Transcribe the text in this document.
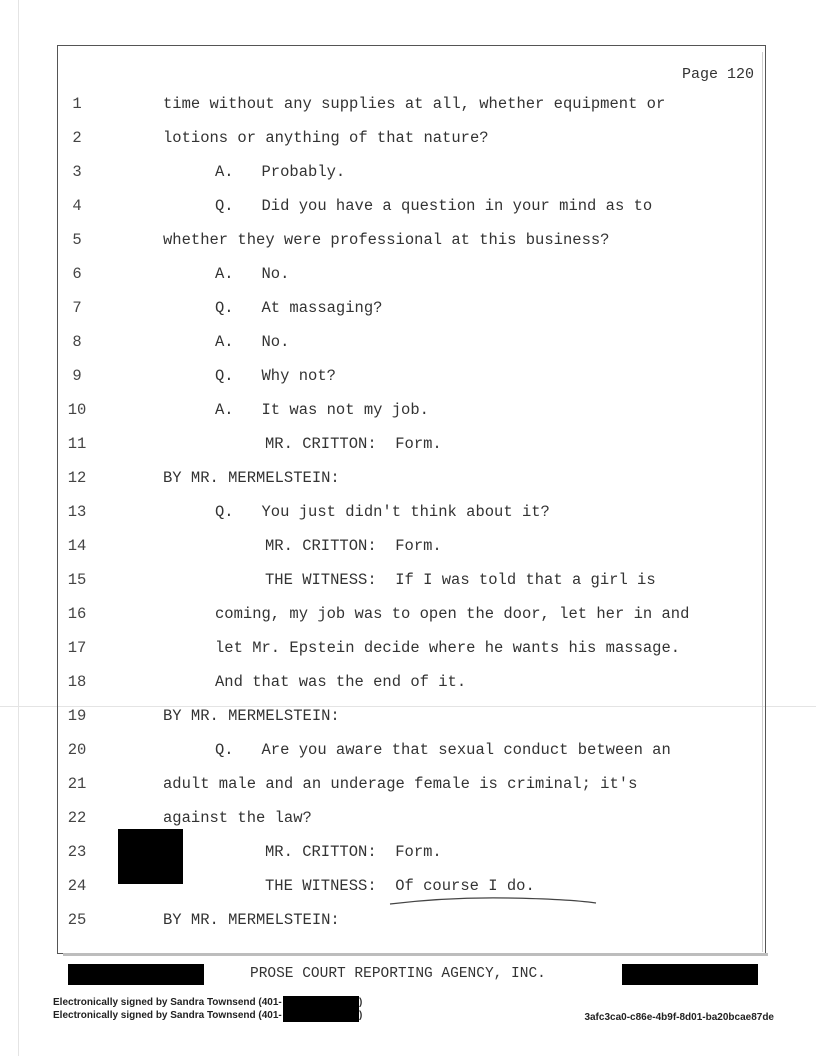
Page 120
1	time without any supplies at all, whether equipment or
2	lotions or anything of that nature?
3	A.   Probably.
4	Q.   Did you have a question in your mind as to
5	whether they were professional at this business?
6	A.   No.
7	Q.   At massaging?
8	A.   No.
9	Q.   Why not?
10	A.   It was not my job.
11	MR. CRITTON:  Form.
12	BY MR. MERMELSTEIN:
13	Q.   You just didn't think about it?
14	MR. CRITTON:  Form.
15	THE WITNESS:  If I was told that a girl is
16	coming, my job was to open the door, let her in and
17	let Mr. Epstein decide where he wants his massage.
18	And that was the end of it.
19	BY MR. MERMELSTEIN:
20	Q.   Are you aware that sexual conduct between an
21	adult male and an underage female is criminal; it's
22	against the law?
23	MR. CRITTON:  Form.
24	THE WITNESS:  Of course I do.
25	BY MR. MERMELSTEIN:
PROSE COURT REPORTING AGENCY, INC.
Electronically signed by Sandra Townsend (401-
Electronically signed by Sandra Townsend (401-
)
)	3afc3ca0-c86e-4b9f-8d01-ba20bcae87de
